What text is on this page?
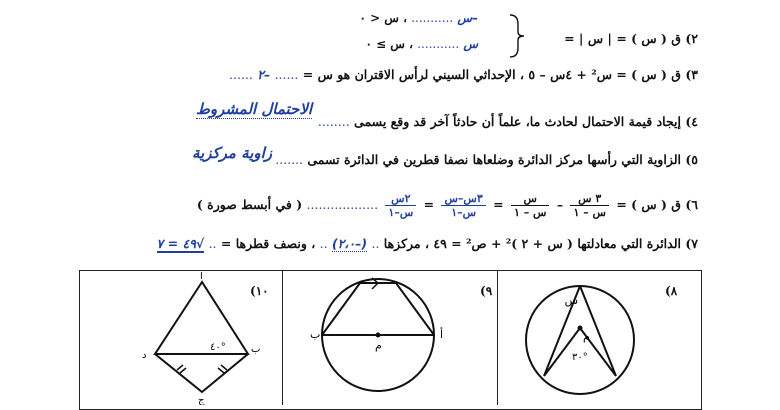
٢) ق ( س ) = | س | =
–س ........... ، س < ٠
س ........... ، س ≥ ٠
٣) ق ( س ) = س² + ٤س – ٥ ، الإحداثي السيني لرأس الاقتران هو س = ...... –٢ ......
٤) إيجاد قيمة الاحتمال لحادث ما، علماً أن حادثاً آخر قد وقع يسمى ........
الاحتمال المشروط
٥) الزاوية التي رأسها مركز الدائرة وضلعاها نصفا قطرين في الدائرة تسمى .......
زاوية مركزية
٦) ق ( س ) =
$\frac{\text{٣ س}}{\text{س – ١}}$
–
$\frac{\text{س}}{\text{س – ١}}$
=
$\frac{\text{٣س–س}}{\text{س–١}}$
=
$\frac{\text{٢س}}{\text{س–١}}$
.................. ( في أبسط صورة )
٧) الدائرة التي معادلتها ( س + ٢ )² + ص² = ٤٩ ، مركزها .. (–٢،٠) .. ، ونصف قطرها = .. √٤٩ = ٧
٨)
س
م
٣٠°
٩)
أ
ب
م
١٠)
أ
ب
د
ج
٤٠°
